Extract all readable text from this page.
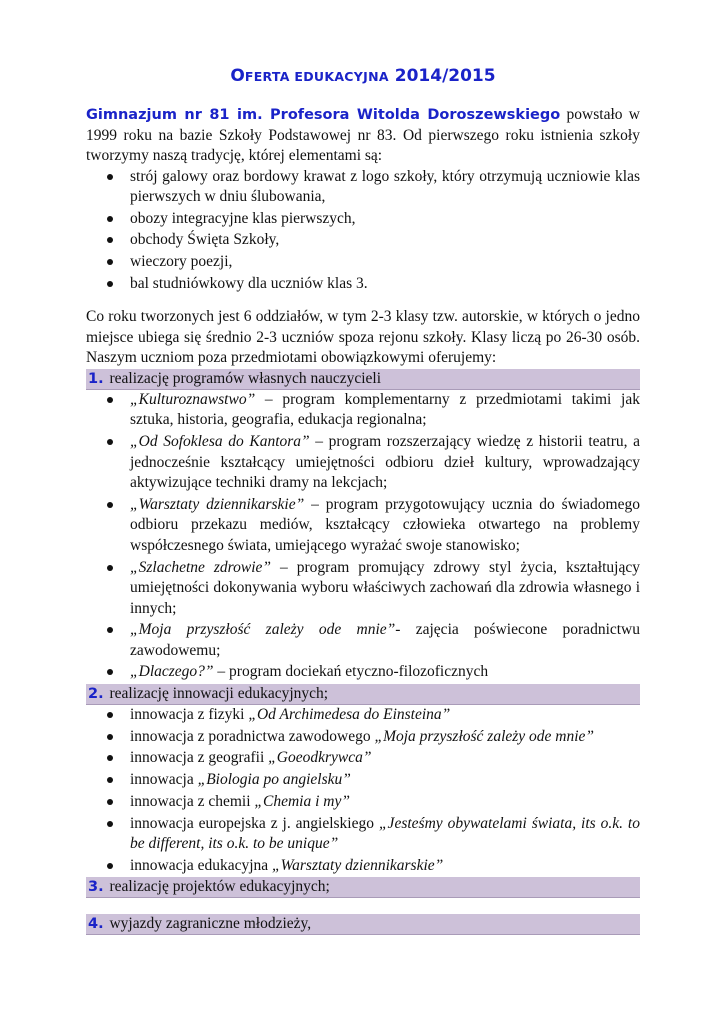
OFERTA EDUKACYJNA 2014/2015

Gimnazjum nr 81 im. Profesora Witolda Doroszewskiego powstało w 1999 roku na bazie Szkoły Podstawowej nr 83. Od pierwszego roku istnienia szkoły tworzymy naszą tradycję, której elementami są:

strój galowy oraz bordowy krawat z logo szkoły, który otrzymują uczniowie klas pierwszych w dniu ślubowania,
obozy integracyjne klas pierwszych,
obchody Święta Szkoły,
wieczory poezji,
bal studniówkowy dla uczniów klas 3.

Co roku tworzonych jest 6 oddziałów, w tym 2-3 klasy tzw. autorskie, w których o jedno miejsce ubiega się średnio 2-3 uczniów spoza rejonu szkoły. Klasy liczą po 26-30 osób. Naszym uczniom poza przedmiotami obowiązkowymi oferujemy:

1. realizację programów własnych nauczycieli
„Kulturoznawstwo” – program komplementarny z przedmiotami takimi jak sztuka, historia, geografia, edukacja regionalna;
„Od Sofoklesa do Kantora” – program rozszerzający wiedzę z historii teatru, a jednocześnie kształcący umiejętności odbioru dzieł kultury, wprowadzający aktywizujące techniki dramy na lekcjach;
„Warsztaty dziennikarskie” – program przygotowujący ucznia do świadomego odbioru przekazu mediów, kształcący człowieka otwartego na problemy współczesnego świata, umiejącego wyrażać swoje stanowisko;
„Szlachetne zdrowie” – program promujący zdrowy styl życia, kształtujący umiejętności dokonywania wyboru właściwych zachowań dla zdrowia własnego i innych;
„Moja przyszłość zależy ode mnie”- zajęcia poświecone poradnictwu zawodowemu;
„Dlaczego?” – program dociekań etyczno-filozoficznych
2. realizację innowacji edukacyjnych;
innowacja z fizyki „Od Archimedesa do Einsteina”
innowacja z poradnictwa zawodowego „Moja przyszłość zależy ode mnie”
innowacja z geografii „Goeodkrywca”
innowacja „Biologia po angielsku”
innowacja z chemii „Chemia i my”
innowacja europejska z j. angielskiego „Jesteśmy obywatelami świata, its o.k. to be different, its o.k. to be unique”
innowacja edukacyjna „Warsztaty dziennikarskie”
3. realizację projektów edukacyjnych;
4. wyjazdy zagraniczne młodzieży,
